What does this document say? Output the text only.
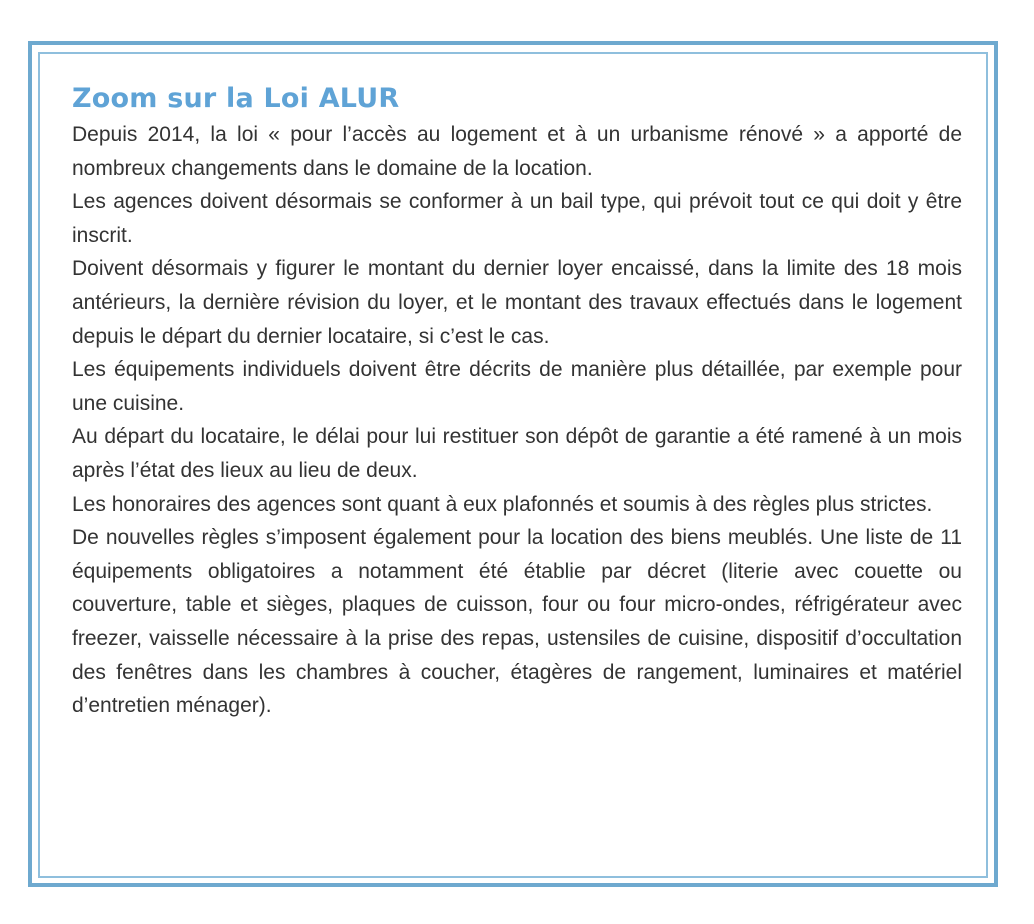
Zoom sur la Loi ALUR

Depuis 2014, la loi « pour l’accès au logement et à un urbanisme rénové » a apporté de nombreux changements dans le domaine de la location.

Les agences doivent désormais se conformer à un bail type, qui prévoit tout ce qui doit y être inscrit.

Doivent désormais y figurer le montant du dernier loyer encaissé, dans la limite des 18 mois antérieurs, la dernière révision du loyer, et le montant des travaux effectués dans le logement depuis le départ du dernier locataire, si c’est le cas.

Les équipements individuels doivent être décrits de manière plus détaillée, par exemple pour une cuisine.

Au départ du locataire, le délai pour lui restituer son dépôt de garantie a été ramené à un mois après l’état des lieux au lieu de deux.

Les honoraires des agences sont quant à eux plafonnés et soumis à des règles plus strictes.

De nouvelles règles s’imposent également pour la location des biens meublés. Une liste de 11 équipements obligatoires a notamment été établie par décret (literie avec couette ou couverture, table et sièges, plaques de cuisson, four ou four micro-ondes, réfrigérateur avec freezer, vaisselle nécessaire à la prise des repas, ustensiles de cuisine, dispositif d’occultation des fenêtres dans les chambres à coucher, étagères de rangement, luminaires et matériel d’entretien ménager).
